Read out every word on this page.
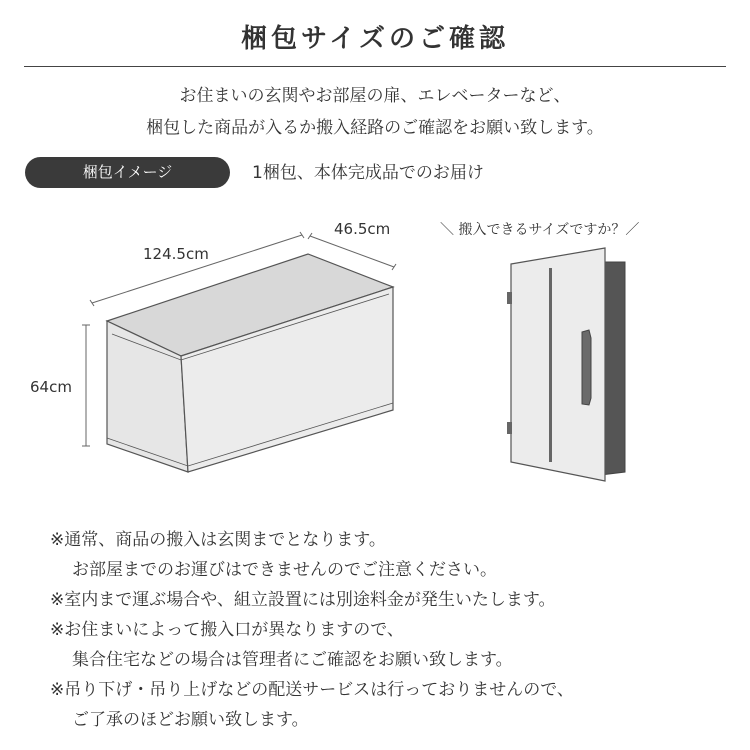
梱包サイズのご確認
お住まいの玄関やお部屋の扉、エレベーターなど、
梱包した商品が入るか搬入経路のご確認をお願い致します。
梱包イメージ	1梱包、本体完成品でのお届け
124.5cm
46.5cm
64cm
＼ 搬入できるサイズですか？／
※通常、商品の搬入は玄関までとなります。
お部屋までのお運びはできませんのでご注意ください。
※室内まで運ぶ場合や、組立設置には別途料金が発生いたします。
※お住まいによって搬入口が異なりますので、
集合住宅などの場合は管理者にご確認をお願い致します。
※吊り下げ・吊り上げなどの配送サービスは行っておりませんので、
ご了承のほどお願い致します。
